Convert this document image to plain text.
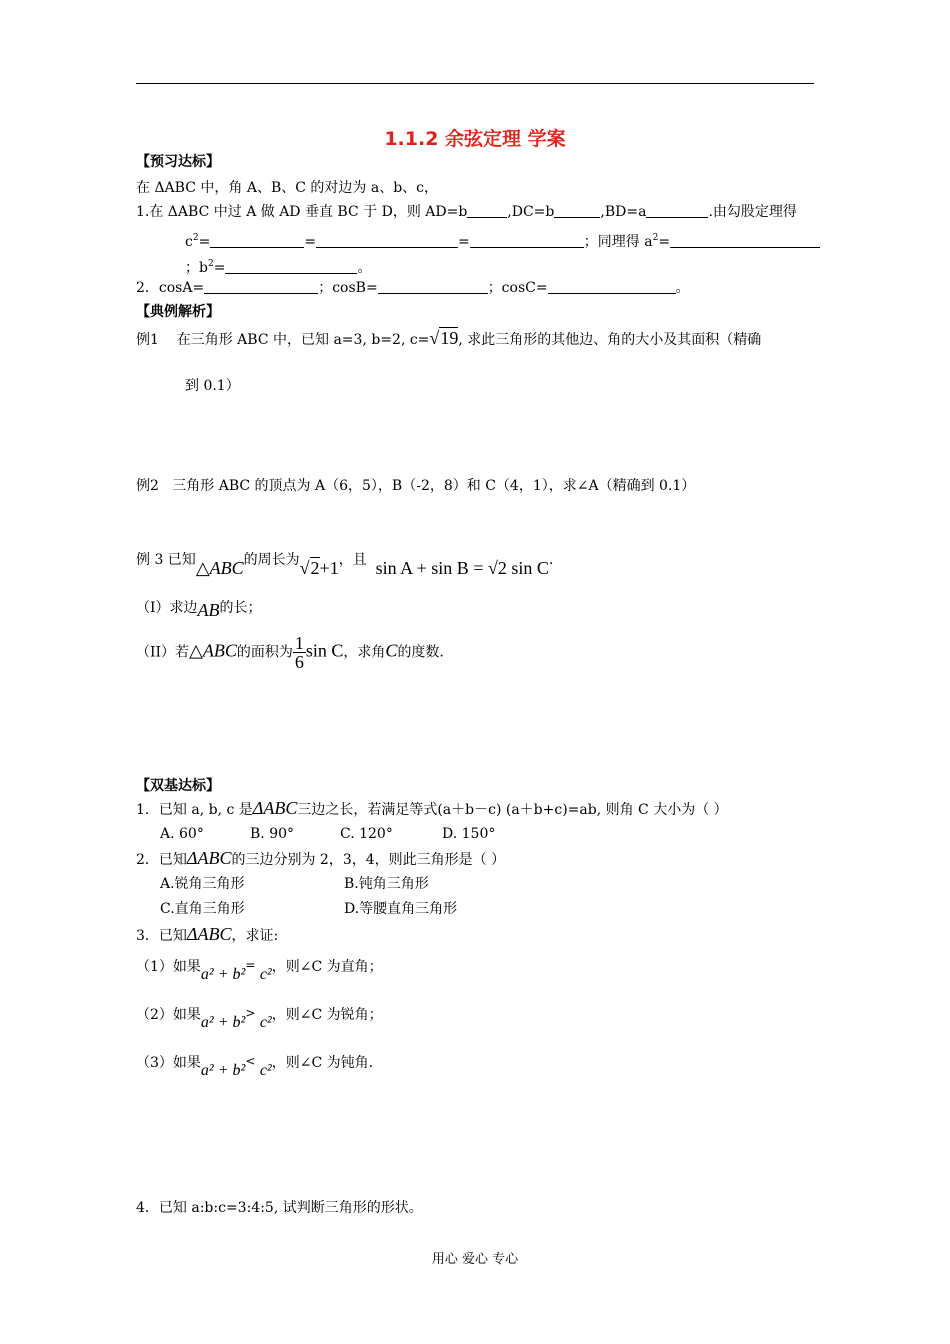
1.1.2 余弦定理 学案
【预习达标】
在 ΔABC 中，角 A、B、C 的对边为 a、b、c，
1.在 ΔABC 中过 A 做 AD 垂直 BC 于 D，则 AD=b	,DC=b	,BD=a	.由勾股定理得
$c^2=$	=	=	；同理得 $a^2=$
；$b^2=$	。
2．cosA=	；cosB=	；cosC=	。
【典例解析】
例1 在三角形 ABC 中，已知 a=3, b=2, c=√19, 求此三角形的其他边、角的大小及其面积（精确
到 0.1）
例2 三角形 ABC 的顶点为 A（6，5），B（-2，8）和 C（4，1），求∠A（精确到 0.1）
例 3 已知△ABC的周长为√2+1，且 sin A + sin B = √2 sin C.
（I）求边AB的长；
（II）若△ABC的面积为 $\frac{1}{6}$ sin C，求角C的度数.
【双基达标】
1．已知 a, b, c 是ΔABC三边之长，若满足等式(a＋b－c) (a＋b+c)=ab, 则角 C 大小为（ ）
A. 60°	B. 90°	C. 120°	D. 150°
2．已知ΔABC的三边分别为 2，3，4，则此三角形是（ ）
A.锐角三角形	B.钝角三角形
C.直角三角形	D.等腰直角三角形
3．已知ΔABC，求证:
（1）如果a² + b²= c²，则∠C 为直角；
（2）如果a² + b²> c²，则∠C 为锐角；
（3）如果a² + b²< c²，则∠C 为钝角.
4．已知 a:b:c=3:4:5, 试判断三角形的形状。
用心 爱心 专心
